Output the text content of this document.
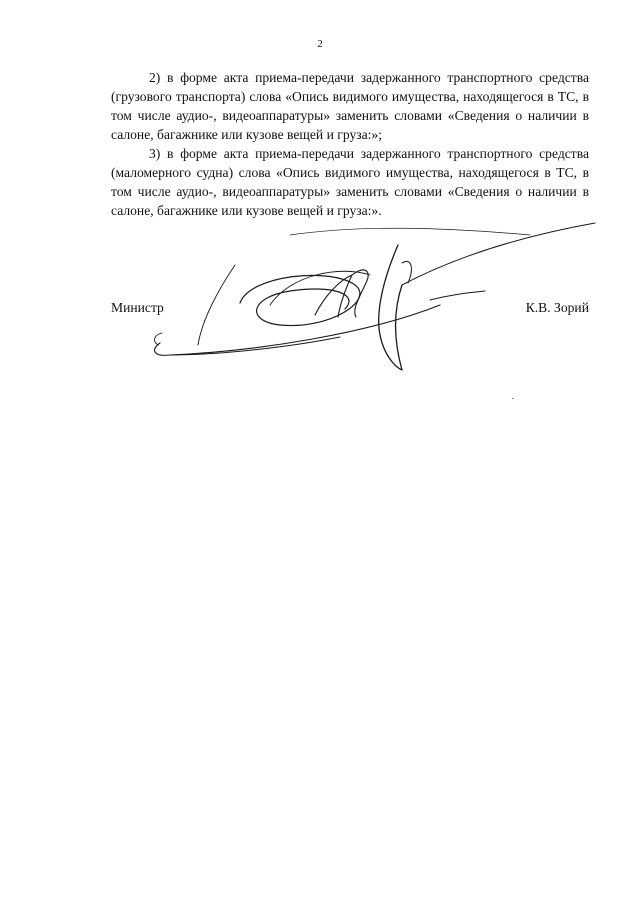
2

2) в форме акта приема-передачи задержанного транспортного средства (грузового транспорта) слова «Опись видимого имущества, находящегося в ТС, в том числе аудио-, видеоаппаратуры» заменить словами «Сведения о наличии в салоне, багажнике или кузове вещей и груза:»;

3) в форме акта приема-передачи задержанного транспортного средства (маломерного судна) слова «Опись видимого имущества, находящегося в ТС, в том числе аудио-, видеоаппаратуры» заменить словами «Сведения о наличии в салоне, багажнике или кузове вещей и груза:».

Министр	К.В. Зорий
